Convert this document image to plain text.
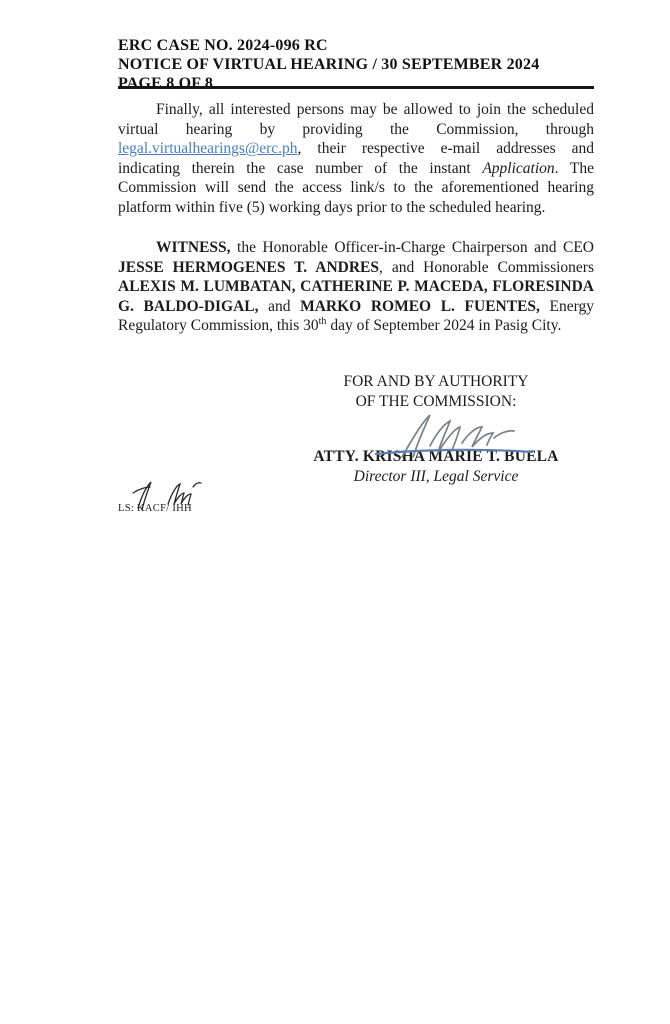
ERC CASE NO. 2024-096 RC
NOTICE OF VIRTUAL HEARING / 30 SEPTEMBER 2024
PAGE 8 OF 8

Finally, all interested persons may be allowed to join the scheduled virtual hearing by providing the Commission, through legal.virtualhearings@erc.ph, their respective e-mail addresses and indicating therein the case number of the instant Application. The Commission will send the access link/s to the aforementioned hearing platform within five (5) working days prior to the scheduled hearing.

WITNESS, the Honorable Officer-in-Charge Chairperson and CEO JESSE HERMOGENES T. ANDRES, and Honorable Commissioners ALEXIS M. LUMBATAN, CATHERINE P. MACEDA, FLORESINDA G. BALDO-DIGAL, and MARKO ROMEO L. FUENTES, Energy Regulatory Commission, this 30th day of September 2024 in Pasig City.

FOR AND BY AUTHORITY
OF THE COMMISSION:
ATTY. KRISHA MARIE T. BUELA
Director III, Legal Service
LS: KACF/ IHH
